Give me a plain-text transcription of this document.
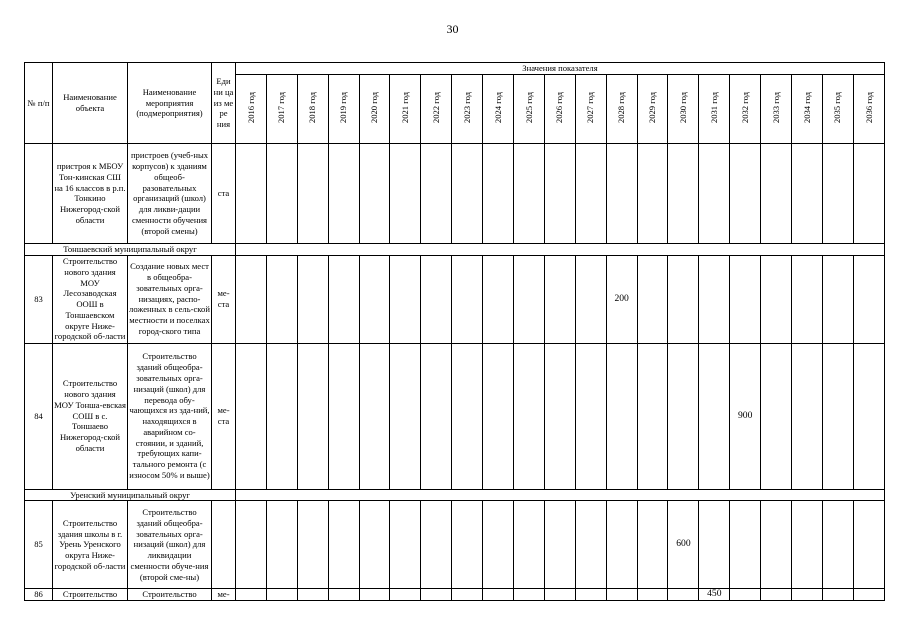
30
№ п/п	Наименование объекта	Наименование мероприятия (подмероприятия)	Еди ни ца из ме ре ния	Значения показателя																				
				2016 год	2017 год	2018 год	2019 год	2020 год	2021 год	2022 год	2023 год	2024 год	2025 год	2026 год	2027 год	2028 год	2029 год	2030 год	2031 год	2032 год	2033 год	2034 год	2035 год	2036 год
	пристроя к МБОУ Тон-кинская СШ на 16 классов в р.п. Тонкино Нижегород-ской области	пристроев (учеб-ных корпусов) к зданиям общеоб-разовательных организаций (школ) для ликви-дации сменности обучения (второй смены)	ста																					
Тоншаевский муниципальный округ																								
83	Строительство нового здания МОУ Лесозаводская ООШ в Тоншаевском округе Ниже-городской об-ласти	Создание новых мест в общеобра-зовательных орга-низациях, распо-ложенных в сель-ской местности и поселках город-ского типа	ме-ста													200								
84	Строительство нового здания МОУ Тонша-евская СОШ в с. Тоншаево Нижегород-ской области	Строительство зданий общеобра-зовательных орга-низаций (школ) для перевода обу-чающихся из зда-ний, находящихся в аварийном со-стоянии, и зданий, требующих капи-тального ремонта (с износом 50% и выше)	ме-ста																	900				
Уренский муниципальный округ																								
85	Строительство здания школы в г. Урень Уренского округа Ниже-городской об-ласти	Строительство зданий общеобра-зовательных орга-низаций (школ) для ликвидации сменности обуче-ния (второй сме-ны)																600						
86	Строительство	Строительство	ме-																450					
